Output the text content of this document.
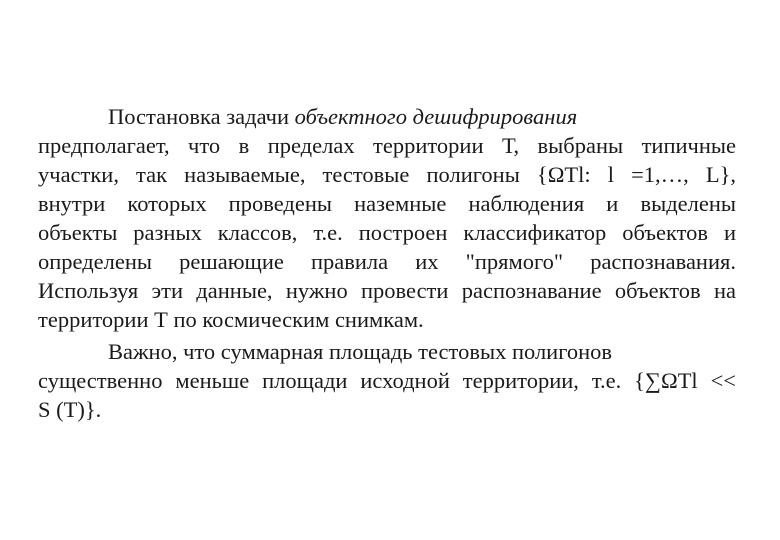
Постановка задачи объектного дешифрирования
предполагает, что в пределах территории Т, выбраны типичные
участки, так называемые, тестовые полигоны {ΩTl: l =1,…, L},
внутри которых проведены наземные наблюдения и выделены
объекты разных классов, т.е. построен классификатор объектов и
определены решающие правила их "прямого" распознавания.
Используя эти данные, нужно провести распознавание объектов на
территории Т по космическим снимкам.
Важно, что суммарная площадь тестовых полигонов
существенно меньше площади исходной территории, т.е. {∑ΩTl <<
S (T)}.
